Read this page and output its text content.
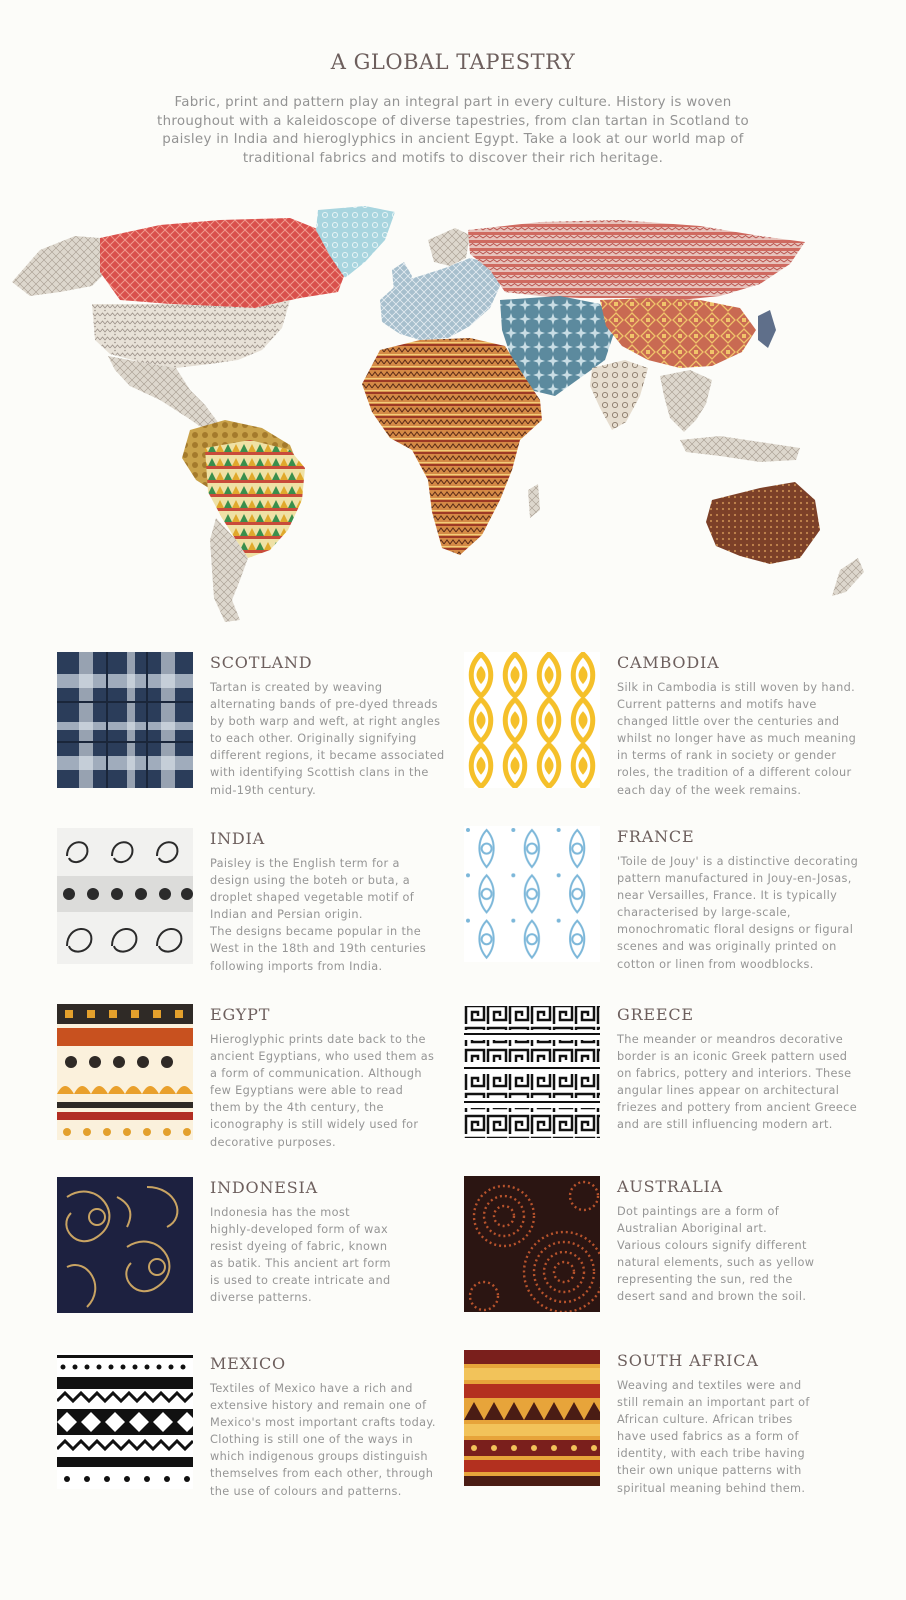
A GLOBAL TAPESTRY
Fabric, print and pattern play an integral part in every culture. History is woven throughout with a kaleidoscope of diverse tapestries, from clan tartan in Scotland to paisley in India and hieroglyphics in ancient Egypt. Take a look at our world map of traditional fabrics and motifs to discover their rich heritage.
SCOTLAND
Tartan is created by weaving
alternating bands of pre-dyed threads
by both warp and weft, at right angles
to each other. Originally signifying
different regions, it became associated
with identifying Scottish clans in the
mid-19th century.
CAMBODIA
Silk in Cambodia is still woven by hand.
Current patterns and motifs have
changed little over the centuries and
whilst no longer have as much meaning
in terms of rank in society or gender
roles, the tradition of a different colour
each day of the week remains.
INDIA
Paisley is the English term for a
design using the boteh or buta, a
droplet shaped vegetable motif of
Indian and Persian origin.
The designs became popular in the
West in the 18th and 19th centuries
following imports from India.
FRANCE
'Toile de Jouy' is a distinctive decorating
pattern manufactured in Jouy-en-Josas,
near Versailles, France. It is typically
characterised by large-scale,
monochromatic floral designs or figural
scenes and was originally printed on
cotton or linen from woodblocks.
EGYPT
Hieroglyphic prints date back to the
ancient Egyptians, who used them as
a form of communication. Although
few Egyptians were able to read
them by the 4th century, the
iconography is still widely used for
decorative purposes.
GREECE
The meander or meandros decorative
border is an iconic Greek pattern used
on fabrics, pottery and interiors. These
angular lines appear on architectural
friezes and pottery from ancient Greece
and are still influencing modern art.
INDONESIA
Indonesia has the most
highly-developed form of wax
resist dyeing of fabric, known
as batik. This ancient art form
is used to create intricate and
diverse patterns.
AUSTRALIA
Dot paintings are a form of
Australian Aboriginal art.
Various colours signify different
natural elements, such as yellow
representing the sun, red the
desert sand and brown the soil.
MEXICO
Textiles of Mexico have a rich and
extensive history and remain one of
Mexico's most important crafts today.
Clothing is still one of the ways in
which indigenous groups distinguish
themselves from each other, through
the use of colours and patterns.
SOUTH AFRICA
Weaving and textiles were and
still remain an important part of
African culture. African tribes
have used fabrics as a form of
identity, with each tribe having
their own unique patterns with
spiritual meaning behind them.
